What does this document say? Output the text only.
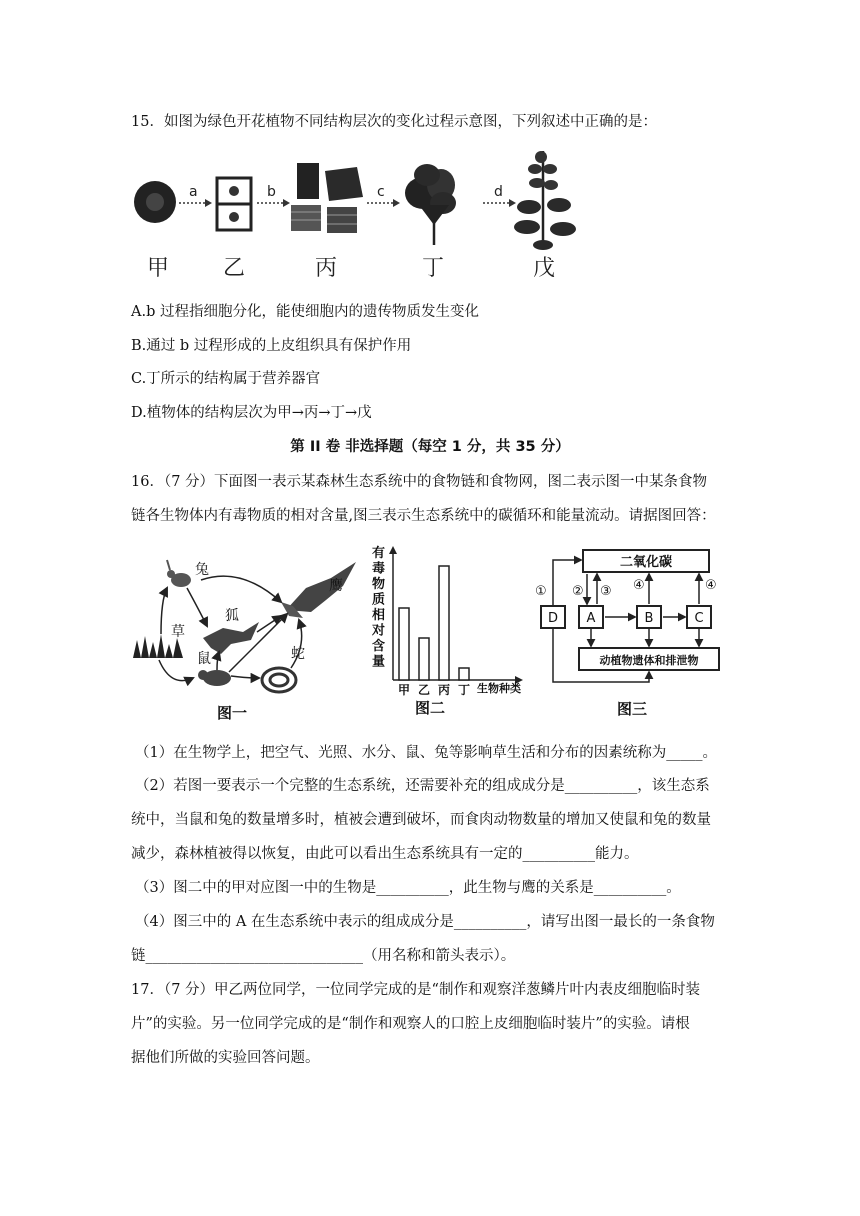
15．如图为绿色开花植物不同结构层次的变化过程示意图，下列叙述中正确的是：
a	b	c	d
甲 乙	丙	丁	戊
A.b 过程指细胞分化，能使细胞内的遗传物质发生变化
B.通过 b 过程形成的上皮组织具有保护作用
C.丁所示的结构属于营养器官
D.植物体的结构层次为甲→丙→丁→戊
第 II 卷 非选择题（每空 1 分，共 35 分）
16．（7 分）下面图一表示某森林生态系统中的食物链和食物网，图二表示图一中某条食物
链各生物体内有毒物质的相对含量,图三表示生态系统中的碳循环和能量流动。请据图回答：
兔
鹰
狐
草
鼠	蛇
图一
有毒物质相对含量
生物种类
甲 乙 丙 丁
图二
二氧化碳
动植物遗体和排泄物
D A	B	C
① ② ③ ④	④
图三
（1）在生物学上，把空气、光照、水分、鼠、兔等影响草生活和分布的因素统称为_____。
（2）若图一要表示一个完整的生态系统，还需要补充的组成成分是__________，该生态系
统中，当鼠和兔的数量增多时，植被会遭到破坏，而食肉动物数量的增加又使鼠和兔的数量
减少，森林植被得以恢复，由此可以看出生态系统具有一定的__________能力。
（3）图二中的甲对应图一中的生物是__________，此生物与鹰的关系是__________。
（4）图三中的 A 在生态系统中表示的组成成分是__________，请写出图一最长的一条食物
链______________________________（用名称和箭头表示）。
17．（7 分）甲乙两位同学，一位同学完成的是“制作和观察洋葱鳞片叶内表皮细胞临时装
片”的实验。另一位同学完成的是“制作和观察人的口腔上皮细胞临时装片”的实验。请根
据他们所做的实验回答问题。
